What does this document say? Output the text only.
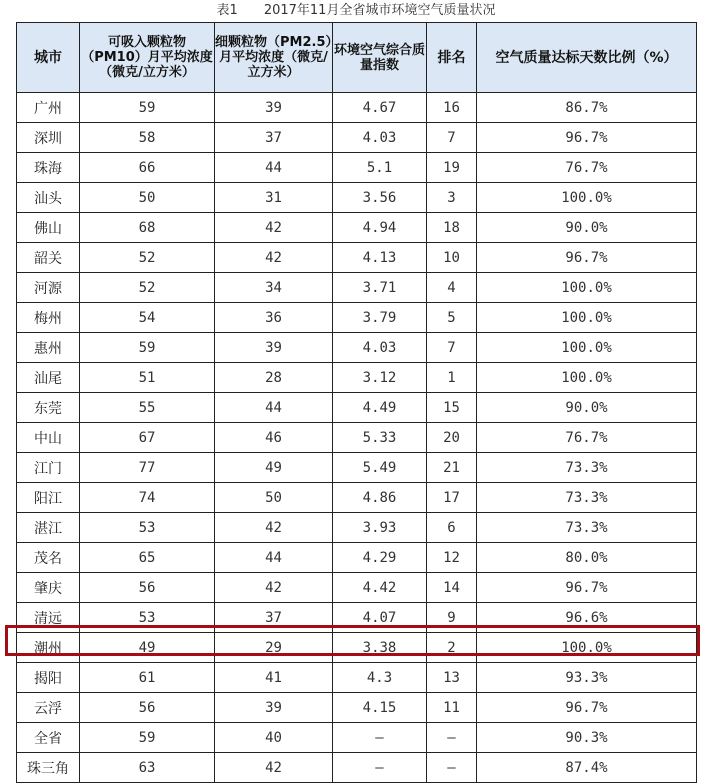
表1 2017年11月全省城市环境空气质量状况
城市	可吸入颗粒物（PM10）月平均浓度（微克/立方米）	细颗粒物（PM2.5）月平均浓度（微克/立方米）	环境空气综合质量指数	排名	空气质量达标天数比例（%）
广州	59	39	4.67	16	86.7%
深圳	58	37	4.03	7	96.7%
珠海	66	44	5.1	19	76.7%
汕头	50	31	3.56	3	100.0%
佛山	68	42	4.94	18	90.0%
韶关	52	42	4.13	10	96.7%
河源	52	34	3.71	4	100.0%
梅州	54	36	3.79	5	100.0%
惠州	59	39	4.03	7	100.0%
汕尾	51	28	3.12	1	100.0%
东莞	55	44	4.49	15	90.0%
中山	67	46	5.33	20	76.7%
江门	77	49	5.49	21	73.3%
阳江	74	50	4.86	17	73.3%
湛江	53	42	3.93	6	73.3%
茂名	65	44	4.29	12	80.0%
肇庆	56	42	4.42	14	96.7%
清远	53	37	4.07	9	96.6%
潮州	49	29	3.38	2	100.0%
揭阳	61	41	4.3	13	93.3%
云浮	56	39	4.15	11	96.7%
全省	59	40	—	—	90.3%
珠三角	63	42	—	—	87.4%
